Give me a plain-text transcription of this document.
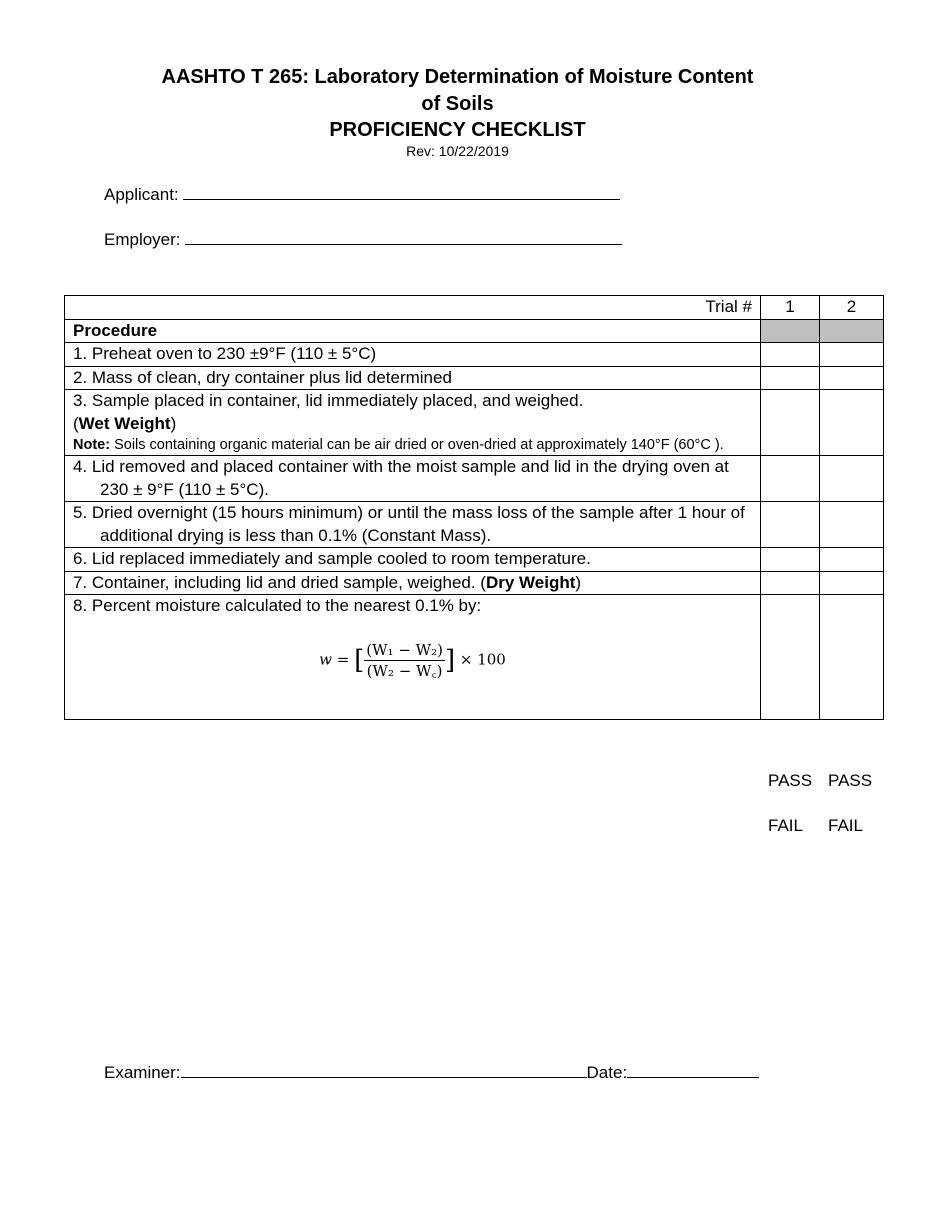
AASHTO T 265: Laboratory Determination of Moisture Content
of Soils
PROFICIENCY CHECKLIST
Rev: 10/22/2019
Applicant:
Employer:
Trial #	1	2
Procedure		
1. Preheat oven to 230 ±9°F (110 ± 5°C)		
2. Mass of clean, dry container plus lid determined		

3. Sample placed in container, lid immediately placed, and weighed.
(Wet Weight)
Note: Soils containing organic material can be air dried or oven-dried at approximately 140°F (60°C ).		

4. Lid removed and placed container with the moist sample and lid in the drying oven at 230 ± 9°F (110 ± 5°C).		

5. Dried overnight (15 hours minimum) or until the mass loss of the sample after 1 hour of additional drying is less than 0.1% (Constant Mass).		

6. Lid replaced immediately and sample cooled to room temperature.		
7. Container, including lid and dried sample, weighed. (Dry Weight)		

8. Percent moisture calculated to the nearest 0.1% by:
w = [ $\frac{\text{(W₁ − W₂)}}{\text{(W₂ − W꜀)}}$ ] × 100		

PASS PASS
FAIL FAIL
Examiner:	Date:
